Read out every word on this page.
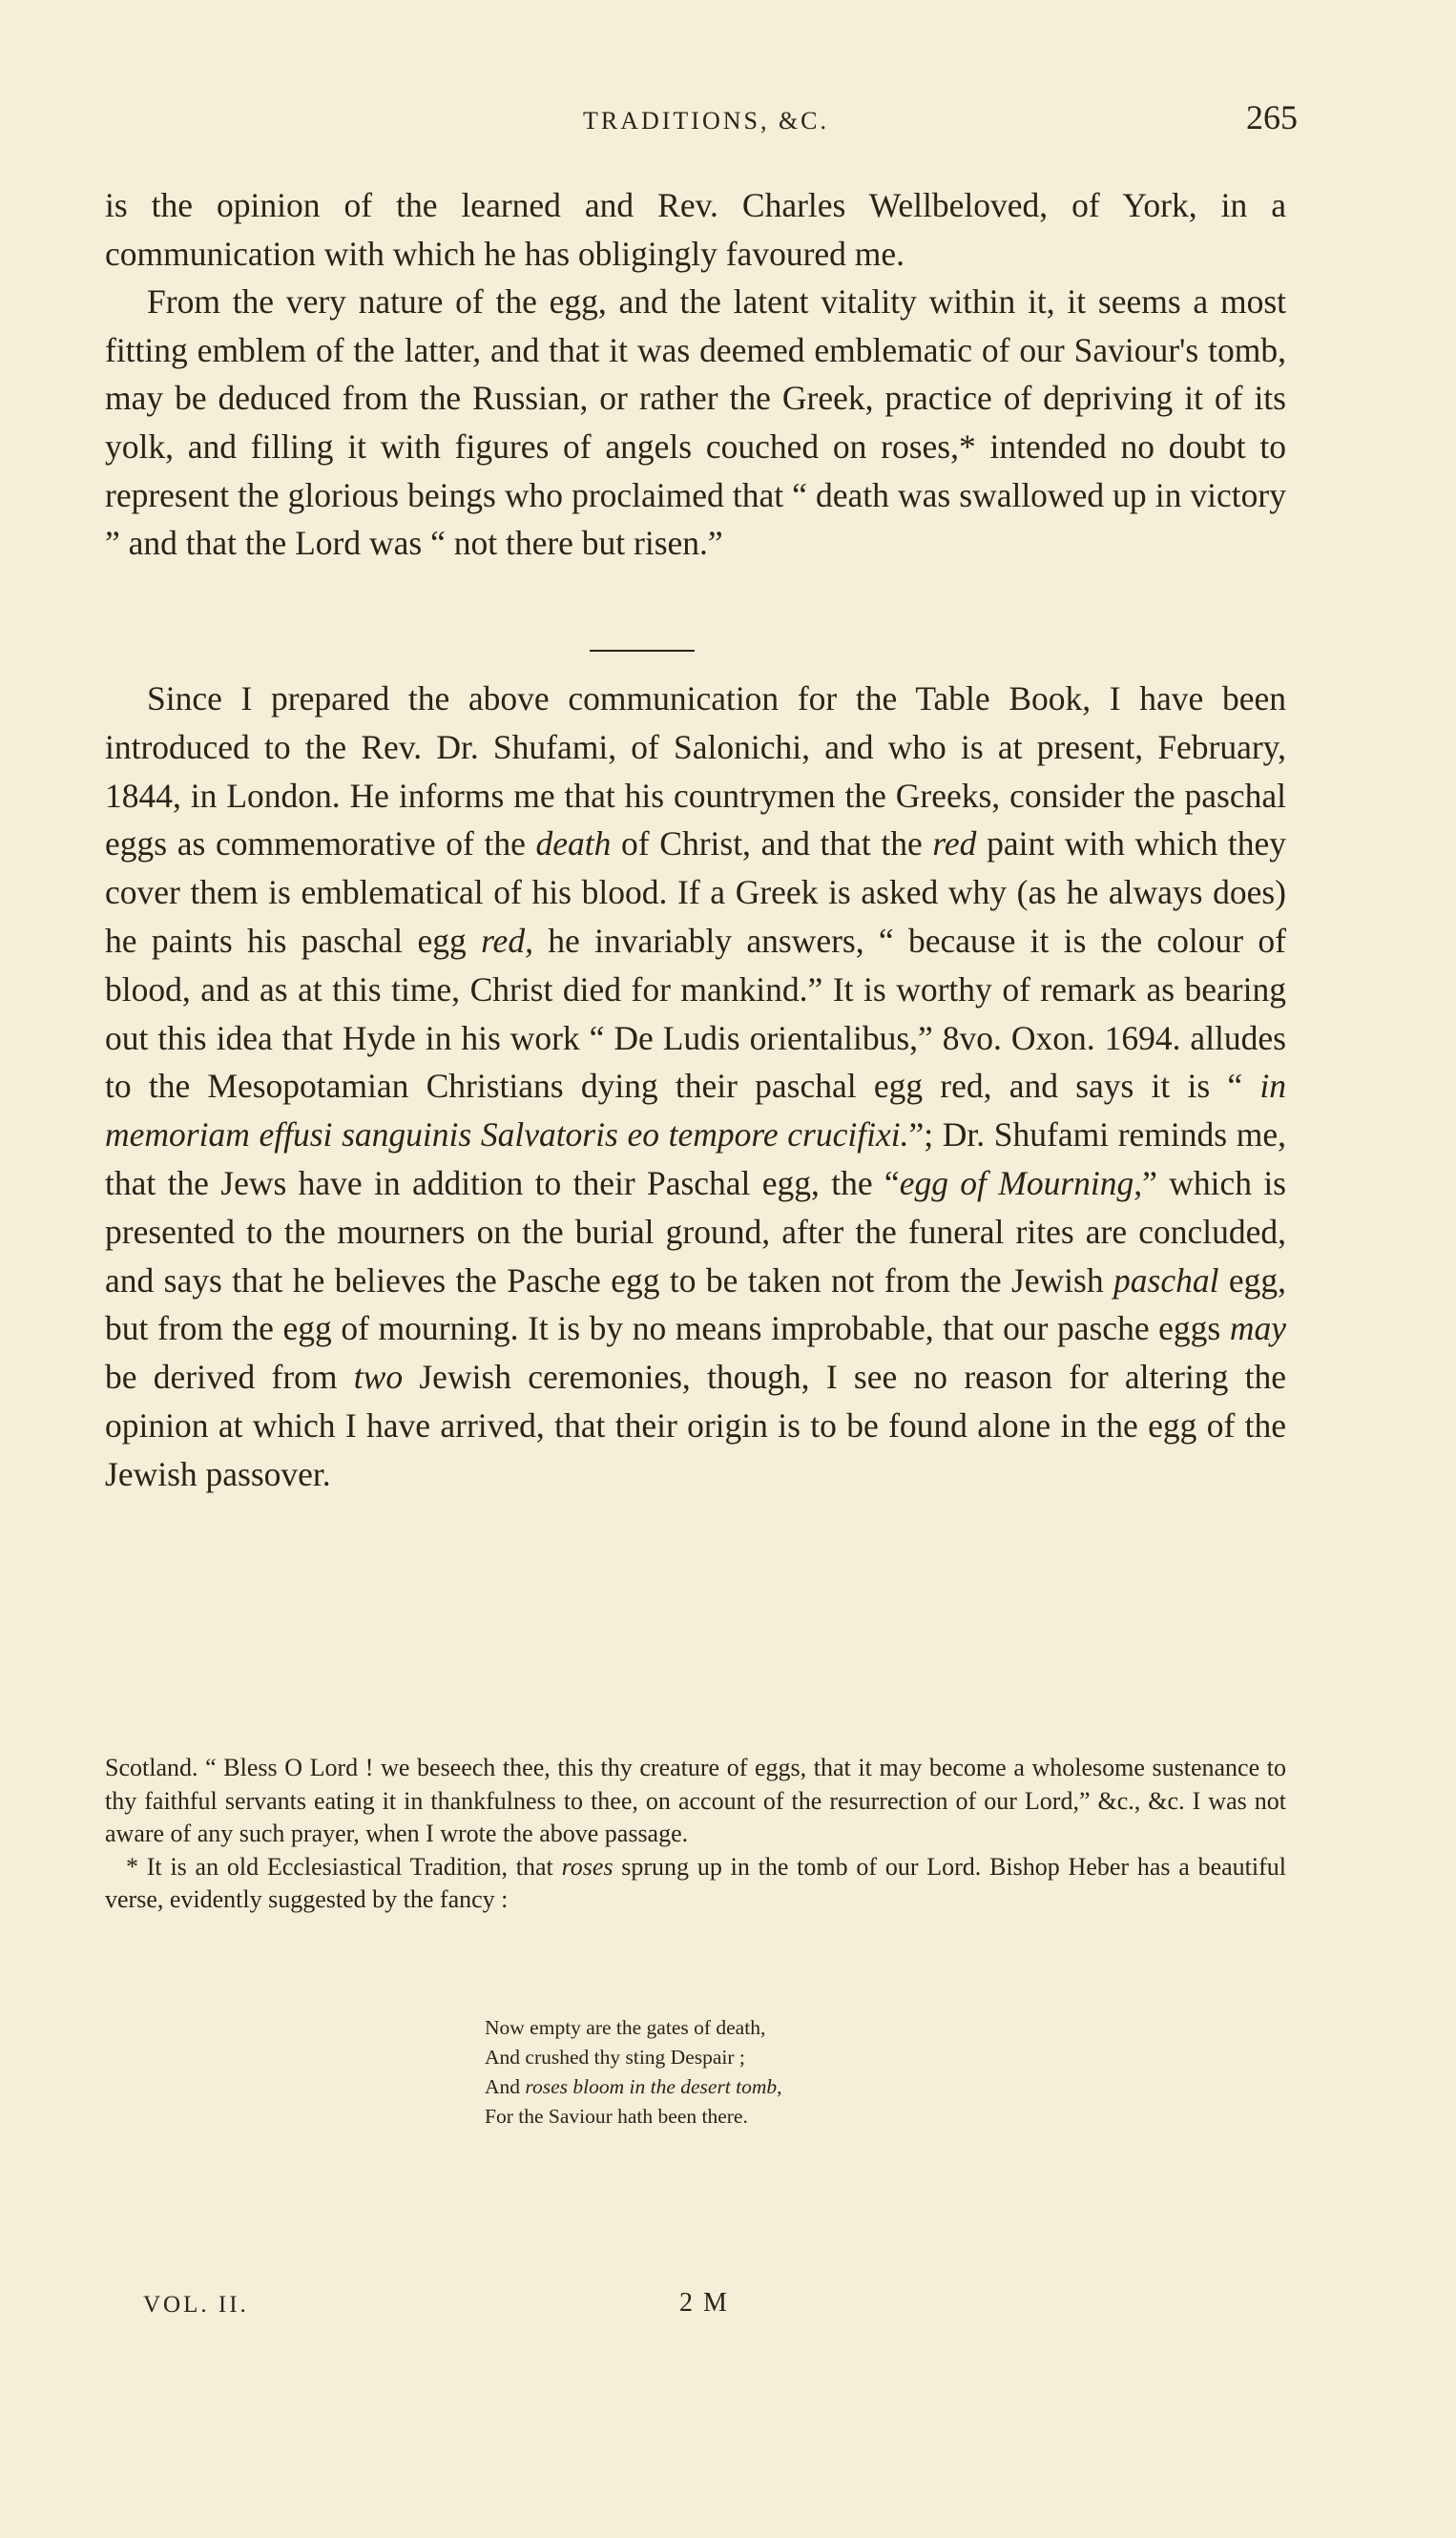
TRADITIONS, &C.	265

is the opinion of the learned and Rev. Charles Wellbeloved, of York, in a communication with which he has obligingly favoured me.

From the very nature of the egg, and the latent vitality within it, it seems a most fitting emblem of the latter, and that it was deemed emblematic of our Saviour's tomb, may be deduced from the Russian, or rather the Greek, practice of depriving it of its yolk, and filling it with figures of angels couched on roses,* intended no doubt to represent the glorious beings who proclaimed that “ death was swallowed up in victory ” and that the Lord was “ not there but risen.”

Since I prepared the above communication for the Table Book, I have been introduced to the Rev. Dr. Shufami, of Salonichi, and who is at present, February, 1844, in London. He informs me that his countrymen the Greeks, consider the paschal eggs as commemorative of the death of Christ, and that the red paint with which they cover them is emblematical of his blood. If a Greek is asked why (as he always does) he paints his paschal egg red, he invariably answers, “ because it is the colour of blood, and as at this time, Christ died for mankind.” It is worthy of remark as bearing out this idea that Hyde in his work “ De Ludis orientalibus,” 8vo. Oxon. 1694. alludes to the Mesopotamian Christians dying their paschal egg red, and says it is “ in memoriam effusi sanguinis Salvatoris eo tempore crucifixi.”; Dr. Shufami reminds me, that the Jews have in addition to their Paschal egg, the “egg of Mourning,” which is presented to the mourners on the burial ground, after the funeral rites are concluded, and says that he believes the Pasche egg to be taken not from the Jewish paschal egg, but from the egg of mourning. It is by no means improbable, that our pasche eggs may be derived from two Jewish ceremonies, though, I see no reason for altering the opinion at which I have arrived, that their origin is to be found alone in the egg of the Jewish passover.

Scotland. “ Bless O Lord ! we beseech thee, this thy creature of eggs, that it may become a wholesome sustenance to thy faithful servants eating it in thankfulness to thee, on account of the resurrection of our Lord,” &c., &c. I was not aware of any such prayer, when I wrote the above passage.

* It is an old Ecclesiastical Tradition, that roses sprung up in the tomb of our Lord. Bishop Heber has a beautiful verse, evidently suggested by the fancy :

Now empty are the gates of death,
And crushed thy sting Despair ;
And roses bloom in the desert tomb,
For the Saviour hath been there.
VOL. II.	2 M
